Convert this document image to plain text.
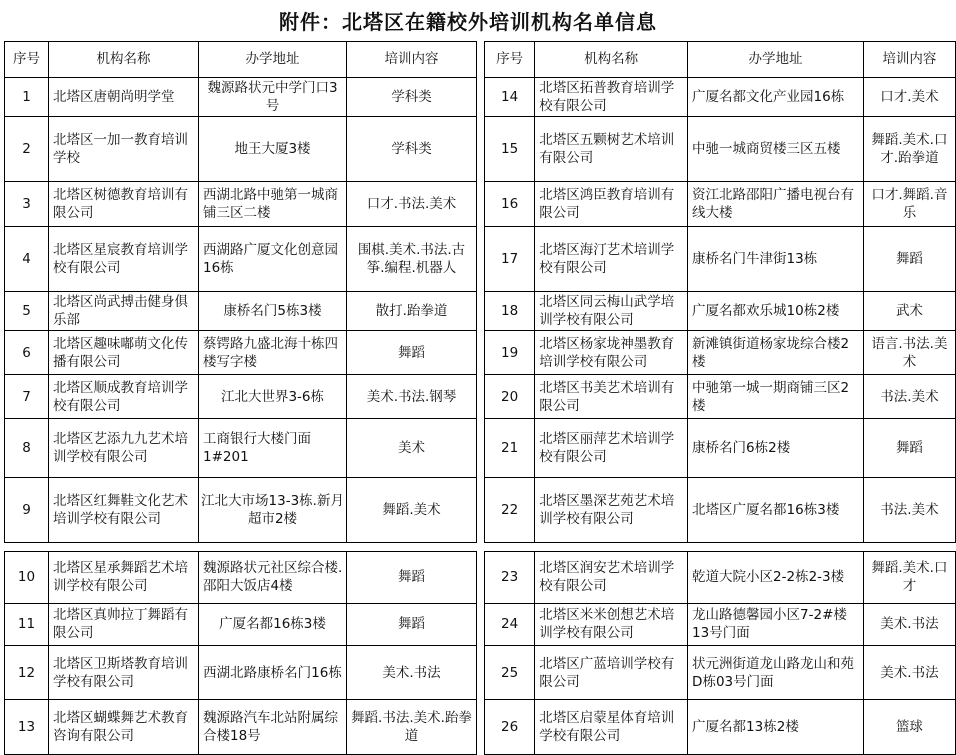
附件：北塔区在籍校外培训机构名单信息
序号	机构名称	办学地址	培训内容
1	北塔区唐朝尚明学堂	魏源路状元中学门口3号	学科类
2	北塔区一加一教育培训学校	地王大厦3楼	学科类
3	北塔区树德教育培训有限公司	西湖北路中驰第一城商铺三区二楼	口才.书法.美术
4	北塔区星宸教育培训学校有限公司	西湖路广厦文化创意园16栋	围棋.美术.书法.古筝.编程.机器人
5	北塔区尚武搏击健身俱乐部	康桥名门5栋3楼	散打.跆拳道
6	北塔区趣味嘟萌文化传播有限公司	蔡锷路九盛北海十栋四楼写字楼	舞蹈
7	北塔区顺成教育培训学校有限公司	江北大世界3-6栋	美术.书法.钢琴
8	北塔区艺添九九艺术培训学校有限公司	工商银行大楼门面1#201	美术
9	北塔区红舞鞋文化艺术培训学校有限公司	江北大市场13-3栋.新月超市2楼	舞蹈.美术

10	北塔区星承舞蹈艺术培训学校有限公司	魏源路状元社区综合楼.邵阳大饭店4楼	舞蹈
11	北塔区真帅拉丁舞蹈有限公司	广厦名都16栋3楼	舞蹈
12	北塔区卫斯塔教育培训学校有限公司	西湖北路康桥名门16栋	美术.书法
13	北塔区蝴蝶舞艺术教育咨询有限公司	魏源路汽车北站附属综合楼18号	舞蹈.书法.美术.跆拳道
序号	机构名称	办学地址	培训内容
14	北塔区拓普教育培训学校有限公司	广厦名都文化产业园16栋	口才.美术
15	北塔区五颗树艺术培训有限公司	中驰一城商贸楼三区五楼	舞蹈.美术.口才.跆拳道
16	北塔区鸿臣教育培训有限公司	资江北路邵阳广播电视台有线大楼	口才.舞蹈.音乐
17	北塔区海汀艺术培训学校有限公司	康桥名门牛津街13栋	舞蹈
18	北塔区同云梅山武学培训学校有限公司	广厦名都欢乐城10栋2楼	武术
19	北塔区杨家垅神墨教育培训学校有限公司	新滩镇街道杨家垅综合楼2楼	语言.书法.美术
20	北塔区书美艺术培训有限公司	中驰第一城一期商铺三区2楼	书法.美术
21	北塔区丽萍艺术培训学校有限公司	康桥名门6栋2楼	舞蹈
22	北塔区墨深艺苑艺术培训学校有限公司	北塔区广厦名都16栋3楼	书法.美术

23	北塔区润安艺术培训学校有限公司	乾道大院小区2-2栋2-3楼	舞蹈.美术.口才
24	北塔区米米创想艺术培训学校有限公司	龙山路德馨园小区7-2#楼13号门面	美术.书法
25	北塔区广蓝培训学校有限公司	状元洲街道龙山路龙山和苑D栋03号门面	美术.书法
26	北塔区启蒙星体育培训学校有限公司	广厦名都13栋2楼	篮球
